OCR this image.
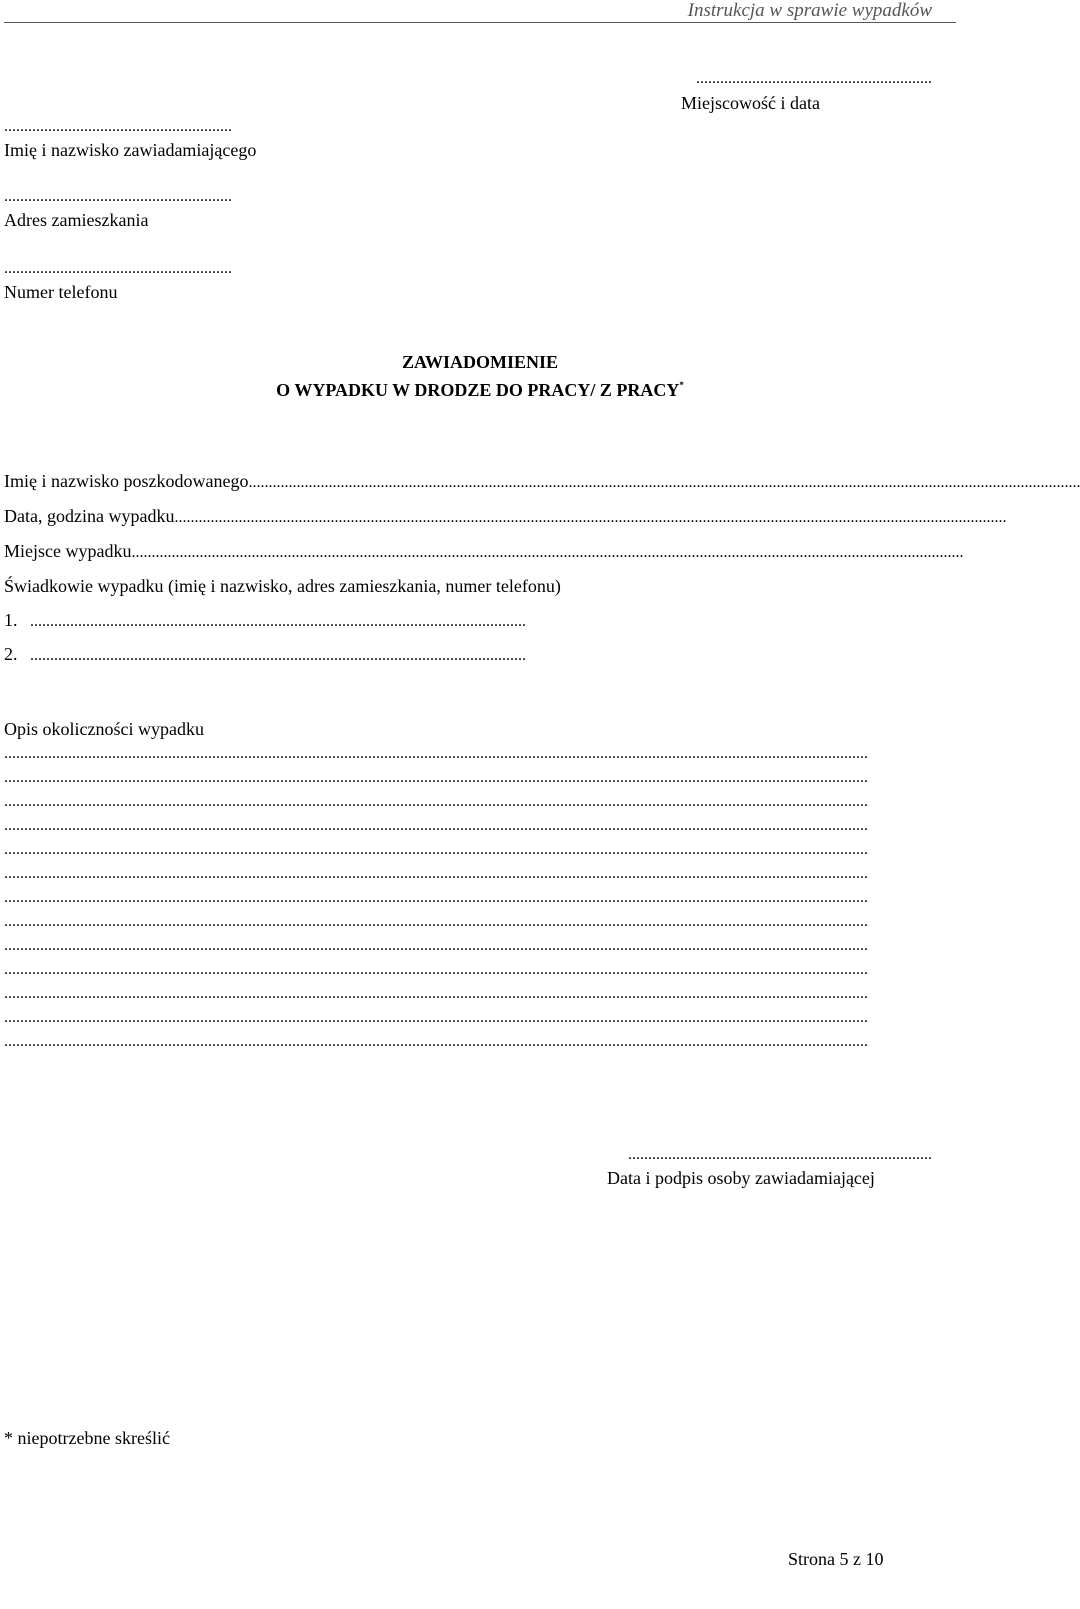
Instrukcja w sprawie wypadków
...........................................................
Miejscowość i data
.........................................................
Imię i nazwisko zawiadamiającego
.........................................................
Adres zamieszkania
.........................................................
Numer telefonu
ZAWIADOMIENIE
O WYPADKU W DRODZE DO PRACY/ Z PRACY*
Imię i nazwisko poszkodowanego ................................................................................................................................................................................................................
Data, godzina wypadku ................................................................................................................................................................................................................
Miejsce wypadku ................................................................................................................................................................................................................
Świadkowie wypadku (imię i nazwisko, adres zamieszkania, numer telefonu)
1. ............................................................................................................................
2. ............................................................................................................................
Opis okoliczności wypadku
........................................................................................................................................................................................................................
........................................................................................................................................................................................................................
........................................................................................................................................................................................................................
........................................................................................................................................................................................................................
........................................................................................................................................................................................................................
........................................................................................................................................................................................................................
........................................................................................................................................................................................................................
........................................................................................................................................................................................................................
........................................................................................................................................................................................................................
........................................................................................................................................................................................................................
........................................................................................................................................................................................................................
........................................................................................................................................................................................................................
........................................................................................................................................................................................................................
............................................................................
Data i podpis osoby zawiadamiającej
* niepotrzebne skreślić
Strona 5 z 10
